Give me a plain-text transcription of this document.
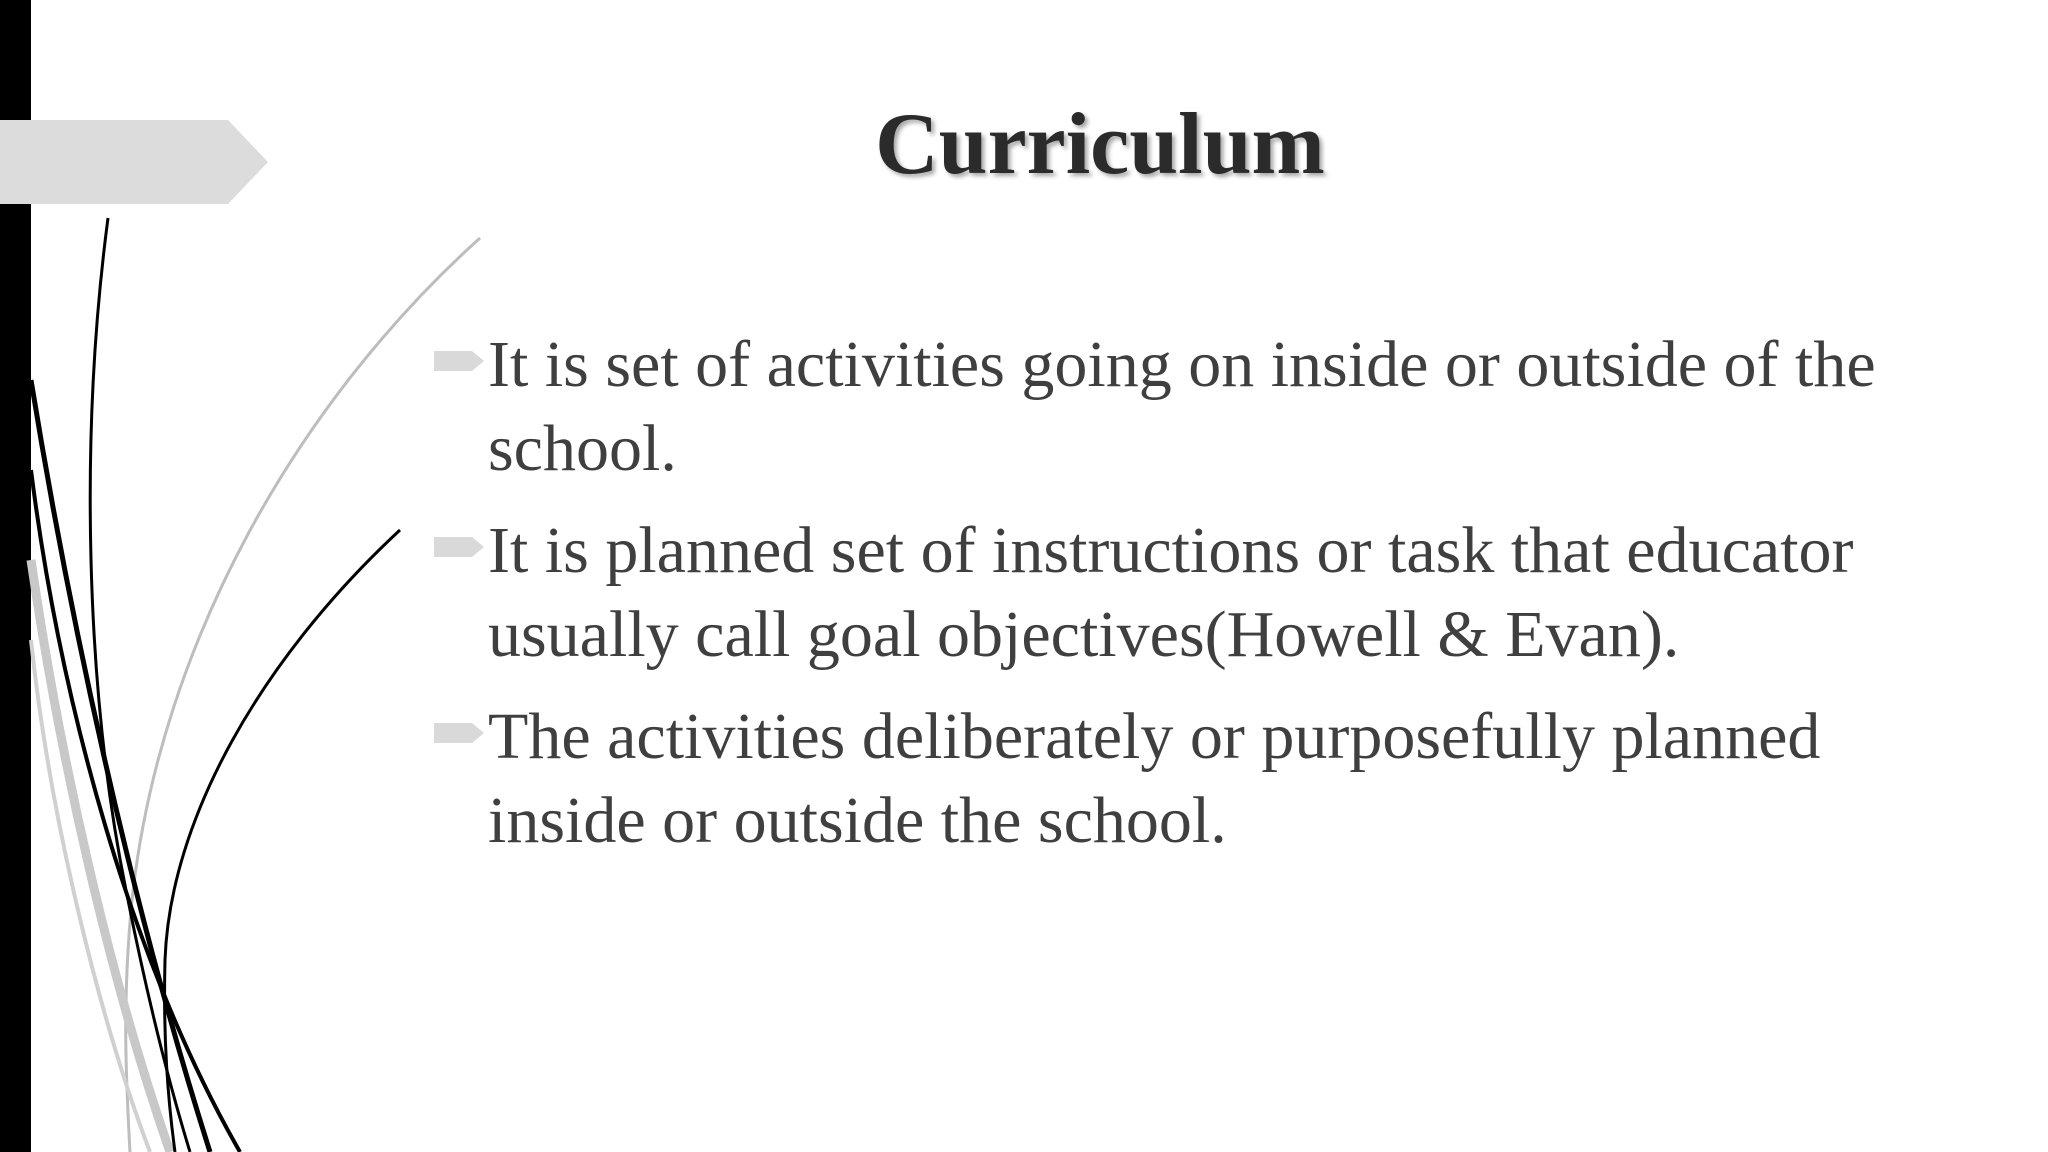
Curriculum
It is set of activities going on inside or outside of the school.
It is planned set of instructions or task that educator usually call goal objectives(Howell & Evan).
The activities deliberately or purposefully planned inside or outside the school.
